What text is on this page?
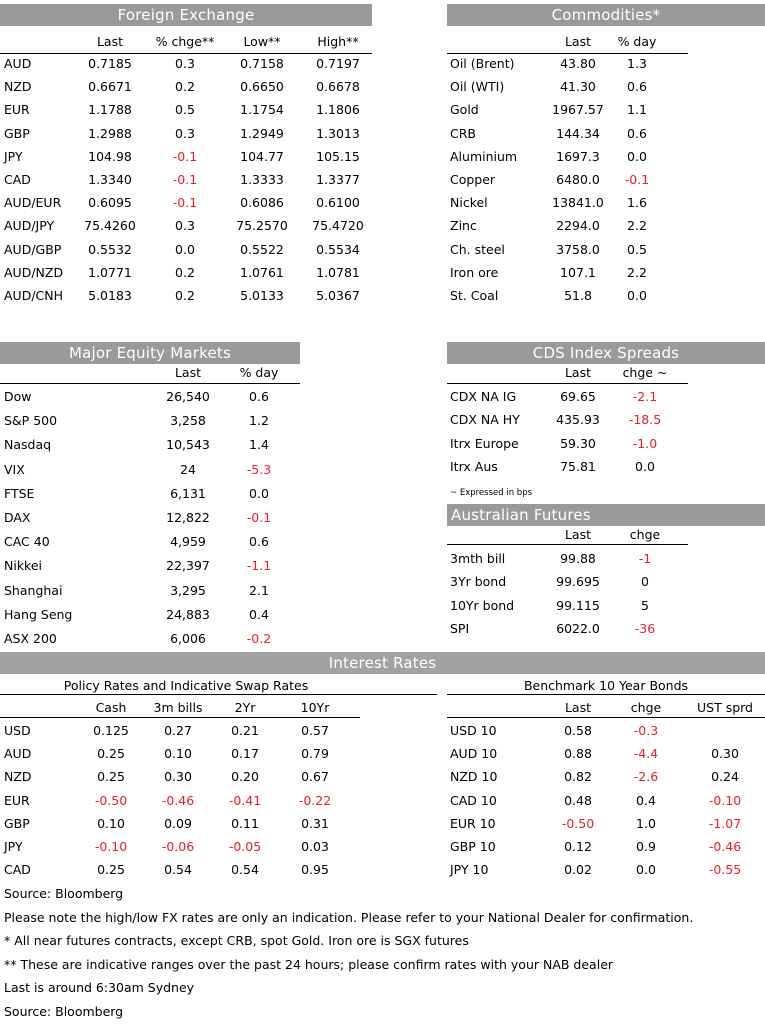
Foreign Exchange
Last	% chge**	Low**	High**
AUD	0.7185	0.3	0.7158	0.7197
NZD	0.6671	0.2	0.6650	0.6678
EUR	1.1788	0.5	1.1754	1.1806
GBP	1.2988	0.3	1.2949	1.3013
JPY	104.98	-0.1	104.77	105.15
CAD	1.3340	-0.1	1.3333	1.3377
AUD/EUR	0.6095	-0.1	0.6086	0.6100
AUD/JPY	75.4260	0.3	75.2570	75.4720
AUD/GBP	0.5532	0.0	0.5522	0.5534
AUD/NZD	1.0771	0.2	1.0761	1.0781
AUD/CNH	5.0183	0.2	5.0133	5.0367
Commodities*
Last	% day
Oil (Brent)	43.80	1.3
Oil (WTI)	41.30	0.6
Gold	1967.57	1.1
CRB	144.34	0.6
Aluminium	1697.3	0.0
Copper	6480.0	-0.1
Nickel	13841.0	1.6
Zinc	2294.0	2.2
Ch. steel	3758.0	0.5
Iron ore	107.1	2.2
St. Coal	51.8	0.0
Major Equity Markets
Last	% day
Dow	26,540	0.6
S&P 500	3,258	1.2
Nasdaq	10,543	1.4
VIX	24	-5.3
FTSE	6,131	0.0
DAX	12,822	-0.1
CAC 40	4,959	0.6
Nikkei	22,397	-1.1
Shanghai	3,295	2.1
Hang Seng	24,883	0.4
ASX 200	6,006	-0.2
CDS Index Spreads
Last	chge ~
CDX NA IG	69.65	-2.1
CDX NA HY	435.93	-18.5
Itrx Europe	59.30	-1.0
Itrx Aus	75.81	0.0
~ Expressed in bps
Australian Futures
Last	chge
3mth bill	99.88	-1
3Yr bond	99.695	0
10Yr bond	99.115	5
SPI	6022.0	-36
Interest Rates
Policy Rates and Indicative Swap Rates
Cash	3m bills	2Yr	10Yr
USD	0.125	0.27	0.21	0.57
AUD	0.25	0.10	0.17	0.79
NZD	0.25	0.30	0.20	0.67
EUR	-0.50	-0.46	-0.41	-0.22
GBP	0.10	0.09	0.11	0.31
JPY	-0.10	-0.06	-0.05	0.03
CAD	0.25	0.54	0.54	0.95
Benchmark 10 Year Bonds
Last	chge	UST sprd
USD 10	0.58	-0.3
AUD 10	0.88	-4.4	0.30
NZD 10	0.82	-2.6	0.24
CAD 10	0.48	0.4	-0.10
EUR 10	-0.50	1.0	-1.07
GBP 10	0.12	0.9	-0.46
JPY 10	0.02	0.0	-0.55
Source: Bloomberg
Please note the high/low FX rates are only an indication. Please refer to your National Dealer for confirmation.
* All near futures contracts, except CRB, spot Gold. Iron ore is SGX futures
** These are indicative ranges over the past 24 hours; please confirm rates with your NAB dealer
Last is around 6:30am Sydney
Source: Bloomberg
